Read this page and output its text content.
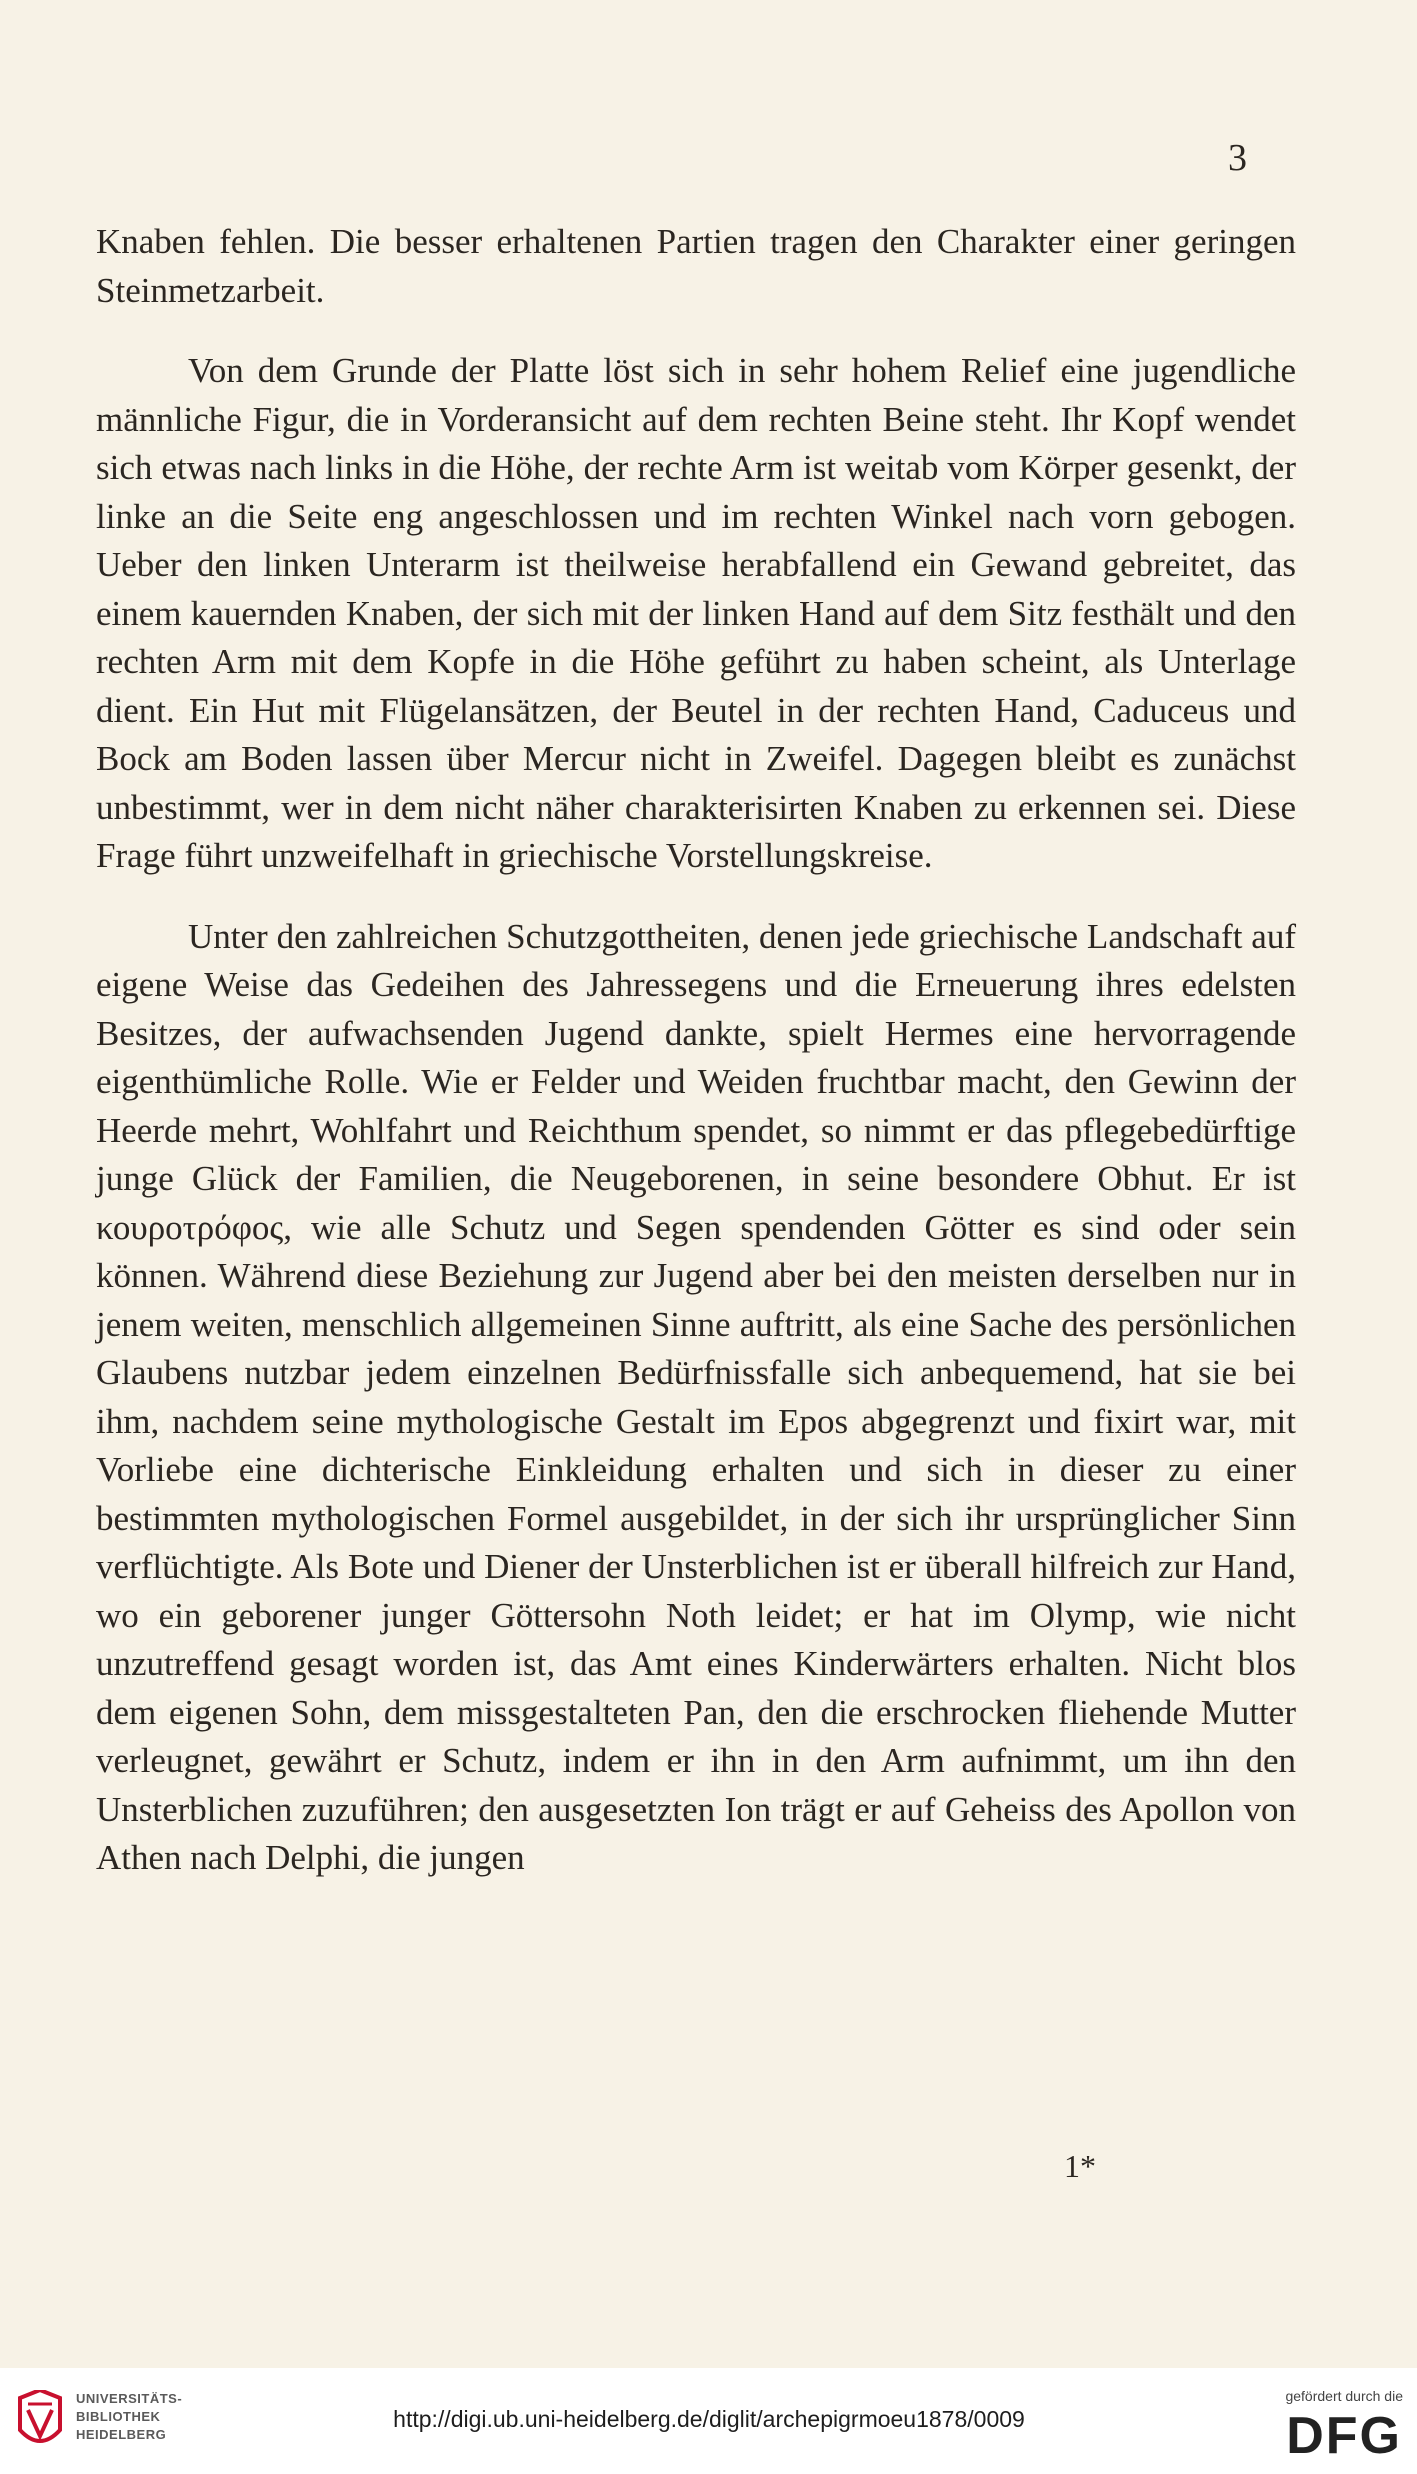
3

Knaben fehlen. Die besser erhaltenen Partien tragen den Charakter einer geringen Steinmetzarbeit.

Von dem Grunde der Platte löst sich in sehr hohem Relief eine jugendliche männliche Figur, die in Vorderansicht auf dem rechten Beine steht. Ihr Kopf wendet sich etwas nach links in die Höhe, der rechte Arm ist weitab vom Körper gesenkt, der linke an die Seite eng angeschlossen und im rechten Winkel nach vorn gebogen. Ueber den linken Unterarm ist theilweise herabfallend ein Gewand gebreitet, das einem kauernden Knaben, der sich mit der linken Hand auf dem Sitz festhält und den rechten Arm mit dem Kopfe in die Höhe geführt zu haben scheint, als Unterlage dient. Ein Hut mit Flügelansätzen, der Beutel in der rechten Hand, Caduceus und Bock am Boden lassen über Mercur nicht in Zweifel. Dagegen bleibt es zunächst unbestimmt, wer in dem nicht näher charakterisirten Knaben zu erkennen sei. Diese Frage führt unzweifelhaft in griechische Vorstellungskreise.

Unter den zahlreichen Schutzgottheiten, denen jede griechische Landschaft auf eigene Weise das Gedeihen des Jahressegens und die Erneuerung ihres edelsten Besitzes, der aufwachsenden Jugend dankte, spielt Hermes eine hervorragende eigenthümliche Rolle. Wie er Felder und Weiden fruchtbar macht, den Gewinn der Heerde mehrt, Wohlfahrt und Reichthum spendet, so nimmt er das pflegebedürftige junge Glück der Familien, die Neugeborenen, in seine besondere Obhut. Er ist κουροτρόφος, wie alle Schutz und Segen spendenden Götter es sind oder sein können. Während diese Beziehung zur Jugend aber bei den meisten derselben nur in jenem weiten, menschlich allgemeinen Sinne auftritt, als eine Sache des persönlichen Glaubens nutzbar jedem einzelnen Bedürfnissfalle sich anbequemend, hat sie bei ihm, nachdem seine mythologische Gestalt im Epos abgegrenzt und fixirt war, mit Vorliebe eine dichterische Einkleidung erhalten und sich in dieser zu einer bestimmten mythologischen Formel ausgebildet, in der sich ihr ursprünglicher Sinn verflüchtigte. Als Bote und Diener der Unsterblichen ist er überall hilfreich zur Hand, wo ein geborener junger Göttersohn Noth leidet; er hat im Olymp, wie nicht unzutreffend gesagt worden ist, das Amt eines Kinderwärters erhalten. Nicht blos dem eigenen Sohn, dem missgestalteten Pan, den die erschrocken fliehende Mutter verleugnet, gewährt er Schutz, indem er ihn in den Arm aufnimmt, um ihn den Unsterblichen zuzuführen; den ausgesetzten Ion trägt er auf Geheiss des Apollon von Athen nach Delphi, die jungen

1*
UNIVERSITÄTS-
BIBLIOTHEK
HEIDELBERG
http://digi.ub.uni-heidelberg.de/diglit/archepigrmoeu1878/0009
gefördert durch die
DFG
